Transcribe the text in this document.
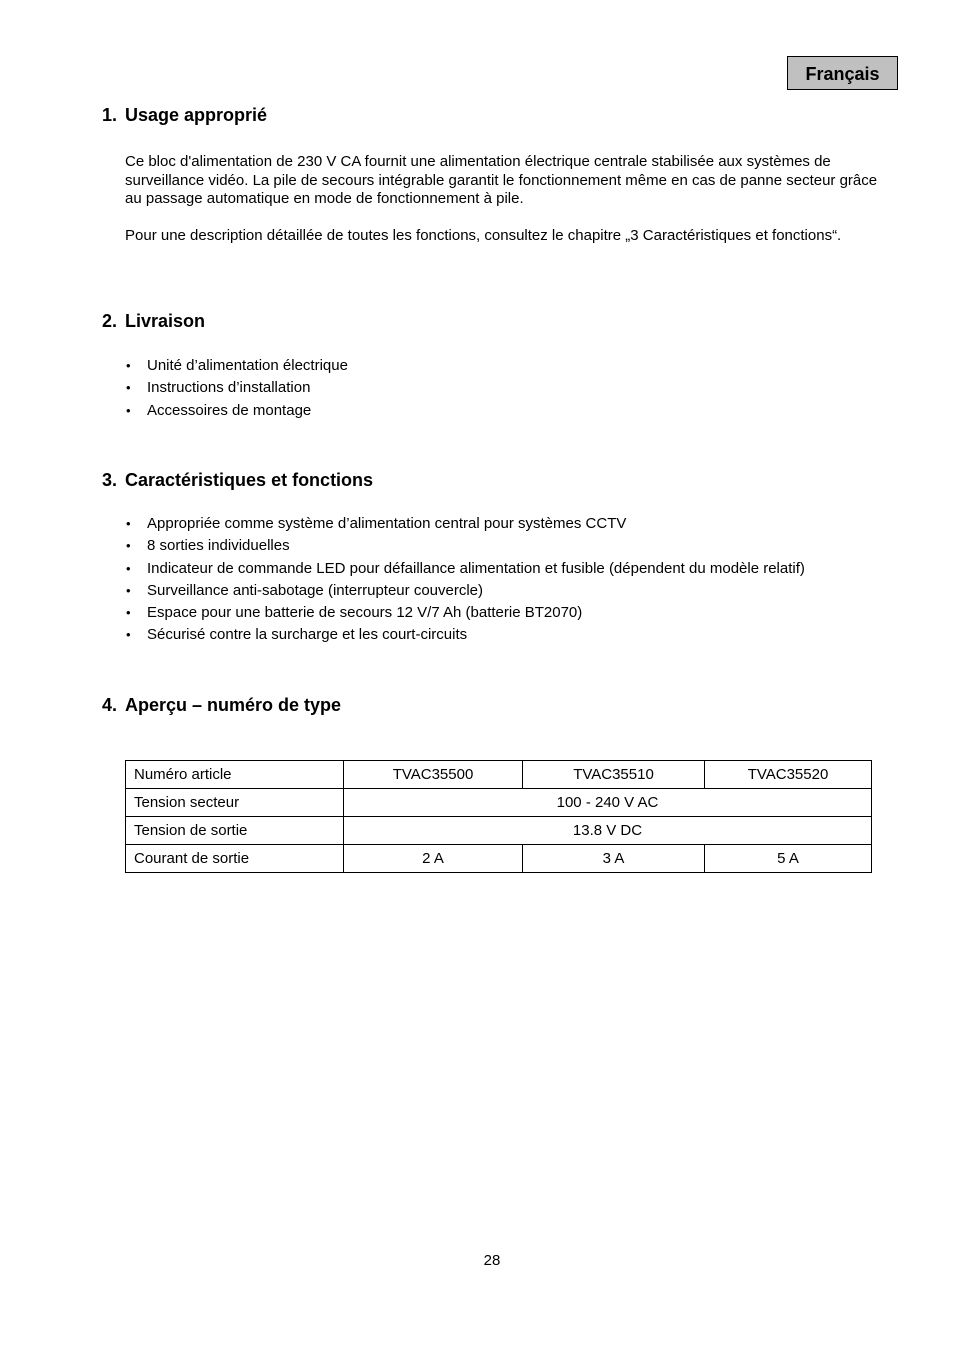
Français
1. Usage approprié

Ce bloc d'alimentation de 230 V CA fournit une alimentation électrique centrale stabilisée aux systèmes de surveillance vidéo. La pile de secours intégrable garantit le fonctionnement même en cas de panne secteur grâce au passage automatique en mode de fonctionnement à pile.

Pour une description détaillée de toutes les fonctions, consultez le chapitre „3 Caractéristiques et fonctions“.

2. Livraison
• Unité d’alimentation électrique
• Instructions d’installation
• Accessoires de montage
3. Caractéristiques et fonctions
• Appropriée comme système d’alimentation central pour systèmes CCTV
• 8 sorties individuelles
• Indicateur de commande LED pour défaillance alimentation et fusible (dépendent du modèle relatif)
• Surveillance anti-sabotage (interrupteur couvercle)
• Espace pour une batterie de secours 12 V/7 Ah (batterie BT2070)
• Sécurisé contre la surcharge et les court-circuits
4. Aperçu – numéro de type
Numéro article	TVAC35500	TVAC35510	TVAC35520
Tension secteur	100 - 240 V AC		
Tension de sortie	13.8 V DC		
Courant de sortie	2 A	3 A	5 A
28
